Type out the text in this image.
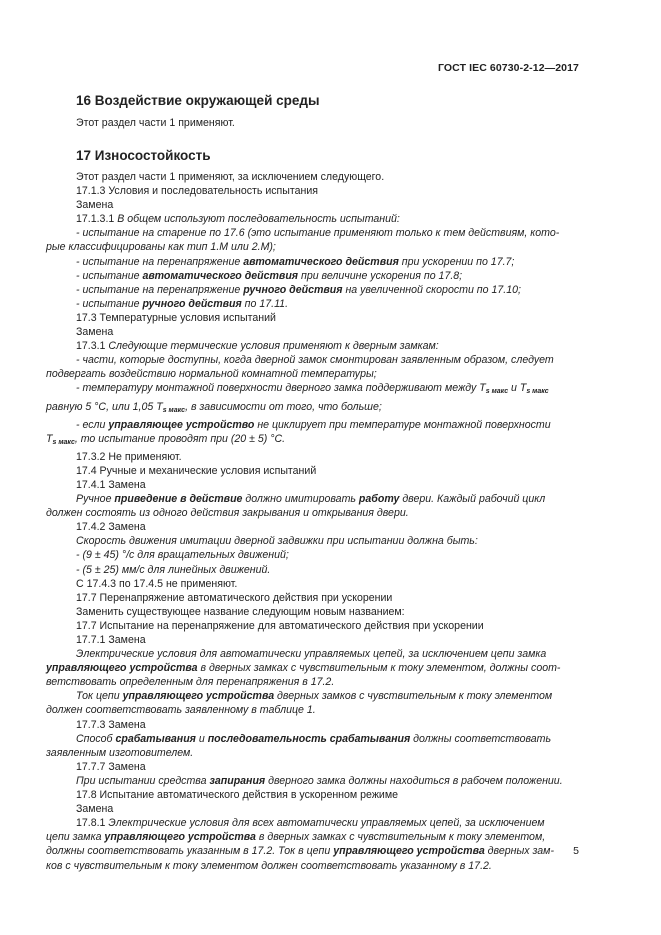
ГОСТ IEC 60730-2-12—2017
16 Воздействие окружающей среды
Этот раздел части 1 применяют.
17 Износостойкость
Этот раздел части 1 применяют, за исключением следующего.
17.1.3 Условия и последовательность испытания
Замена
17.1.3.1 В общем используют последовательность испытаний:
- испытание на старение по 17.6 (это испытание применяют только к тем действиям, кото-
рые классифицированы как тип 1.M или 2.M);
- испытание на перенапряжение автоматического действия при ускорении по 17.7;
- испытание автоматического действия при величине ускорения по 17.8;
- испытание на перенапряжение ручного действия на увеличенной скорости по 17.10;
- испытание ручного действия по 17.11.
17.3 Температурные условия испытаний
Замена
17.3.1 Следующие термические условия применяют к дверным замкам:
- части, которые доступны, когда дверной замок смонтирован заявленным образом, следует
подвергать воздействию нормальной комнатной температуры;
- температуру монтажной поверхности дверного замка поддерживают между $T_{s макс}$ и $T_{s макс}$
равную 5 °C, или 1,05 $T_{s макс}$, в зависимости от того, что больше;
- если управляющее устройство не циклирует при температуре монтажной поверхности
$T_{s макс}$, то испытание проводят при (20 ± 5) °C.
17.3.2 Не применяют.
17.4 Ручные и механические условия испытаний
17.4.1 Замена
Ручное приведение в действие должно имитировать работу двери. Каждый рабочий цикл
должен состоять из одного действия закрывания и открывания двери.
17.4.2 Замена
Скорость движения имитации дверной задвижки при испытании должна быть:
- (9 ± 45) °/с для вращательных движений;
- (5 ± 25) мм/с для линейных движений.
С 17.4.3 по 17.4.5 не применяют.
17.7 Перенапряжение автоматического действия при ускорении
Заменить существующее название следующим новым названием:
17.7 Испытание на перенапряжение для автоматического действия при ускорении
17.7.1 Замена
Электрические условия для автоматически управляемых цепей, за исключением цепи замка
управляющего устройства в дверных замках с чувствительным к току элементом, должны соот-
ветствовать определенным для перенапряжения в 17.2.
Ток цепи управляющего устройства дверных замков с чувствительным к току элементом
должен соответствовать заявленному в таблице 1.
17.7.3 Замена
Способ срабатывания и последовательность срабатывания должны соответствовать
заявленным изготовителем.
17.7.7 Замена
При испытании средства запирания дверного замка должны находиться в рабочем положении.
17.8 Испытание автоматического действия в ускоренном режиме
Замена
17.8.1 Электрические условия для всех автоматически управляемых цепей, за исключением
цепи замка управляющего устройства в дверных замках с чувствительным к току элементом,
должны соответствовать указанным в 17.2. Ток в цепи управляющего устройства дверных зам-
ков с чувствительным к току элементом должен соответствовать указанному в 17.2.
5
